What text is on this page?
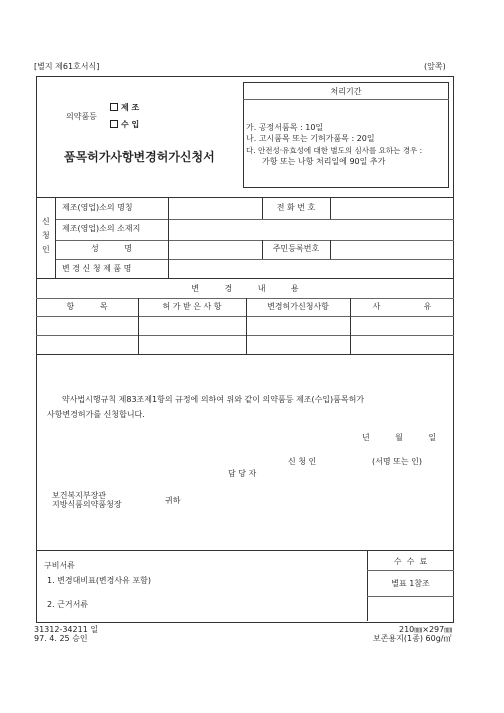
[별지 제61호서식]	(앞쪽)
의약품등
제 조
수 입
품목허가사항변경허가신청서
처리기간
가. 공정서품목 : 10일
나. 고시품목 또는 기허가품목 : 20일
다. 안전성·유효성에 대한 별도의 심사를 요하는 경우 :
가항 또는 나항 처리일에 90일 추가
신
청
인
제조(영업)소의 명칭	전 화 번 호
제조(영업)소의 소재지
성          명	주민등록번호
변 경 신 청 제 품 명
변          경          내          용
항          목	허 가 받 은 사 항	변경허가신청사항	사                 유
약사법시행규칙 제83조제1항의 규정에 의하여 위와 같이 의약품등 제조(수입)품목허가
사항변경허가를 신청합니다.
년          월          일
신 청 인	(서명 또는 인)
담 당 자
보건복지부장관
지방식품의약품청장	귀하
구비서류
1. 변경대비표(변경사유 포함)
2. 근거서류
수  수  료
별표 1참조
31312-34211 일
97. 4. 25 승인
210㎜×297㎜
보존용지(1종) 60g/㎡
